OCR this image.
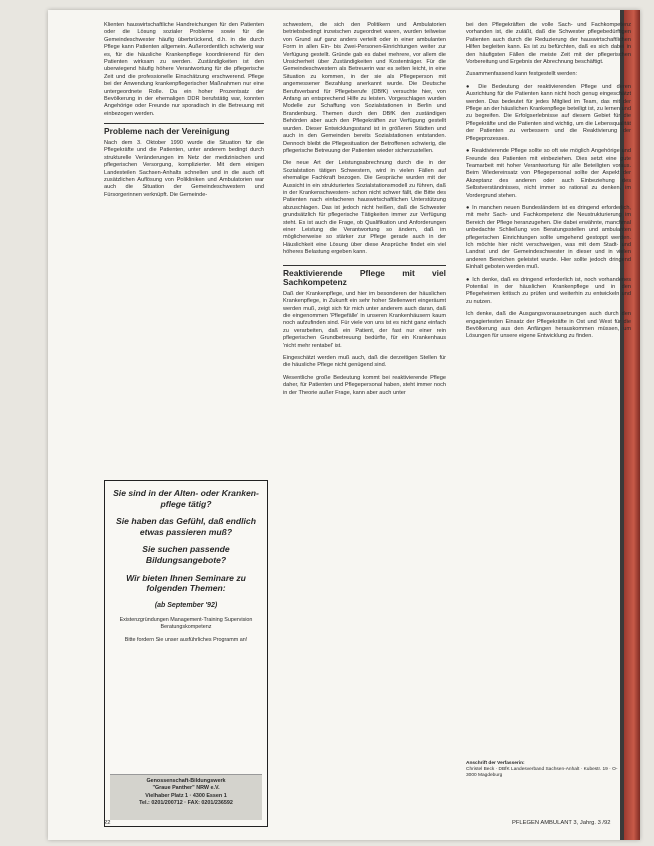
Klienten hauswirtschaftliche Handreichungen für den Patienten oder die Lösung sozialer Probleme sowie für die Gemeindeschwester häufig überbrückend, d.h. in die durch Pflege kann Patienten allgemein. Außerordentlich schwierig war es, für die häusliche Krankenpflege koordinierend für den Patienten wirksam zu werden. Zuständigkeiten ist den uberwiegend häufig höhere Verantwortung für die pflegerische Zeit und die professionelle Einschätzung erschwerend. Pflege bei der Anwendung krankenpflegerischer Maßnahmen nur eine untergeordnete Rolle. Da ein hoher Prozentsatz der Bevölkerung in der ehemaligen DDR berufstätig war, konnten Angehörige oder Freunde nur sporadisch in die Betreuung mit einbezogen werden.

Probleme nach der Vereinigung

Nach dem 3. Oktober 1990 wurde die Situation für die Pflegekräfte und die Patienten, unter anderem bedingt durch strukturelle Veränderungen im Netz der medizinischen und pflegerischen Versorgung, komplizierter. Mit dem einigen Landesteilen Sachsen-Anhalts schnellen und in die auch oft zusätzlichen Auflösung von Polikliniken und Ambulatorien war auch die Situation der Gemeindeschwestern und Fürsorgerinnen verknüpft. Die Gemeinde-

Sie sind in der Alten- oder Krankenpflege tätig?
Sie haben das Gefühl, daß endlich etwas passieren muß?
Sie suchen passende Bildungsangebote?
Wir bieten Ihnen Seminare zu folgenden Themen:
(ab September '92)
Existenzgründungen Management-Training Supervision Beratungskompetenz
Bitte fordern Sie unser ausführliches Programm an!
Genossenschaft-Bildungswerk
"Graue Panther" NRW e.V.
Vielhaber Platz 1 · 4300 Essen 1
Tel.: 0201/200712 · FAX: 0201/236592

schwestern, die sich den Politikern und Ambulatorien betriebsbedingt inzwischen zugeordnet waren, wurden teilweise von Grund auf ganz anders verteilt oder in einer ambulanten Form in allen Ein- bis Zwei-Personen-Einrichtungen weiter zur Verfügung gestellt. Gründe gab es dabei mehrere, vor allem die Unsicherheit über Zuständigkeiten und Kostenträger. Für die Gemeindeschwestern als Betreuerin war es selten leicht, in eine Situation zu kommen, in der sie als Pflegeperson mit angemessener Bezahlung anerkannt wurde. Die Deutsche Berufsverband für Pflegeberufe (DBfK) versuchte hier, von Anfang an entsprechend Hilfe zu leisten. Vorgeschlagen wurden Modelle zur Schaffung von Sozialstationen in Berlin und Brandenburg. Themen durch den DBfK den zuständigen Behörden aber auch den Pflegekräften zur Verfügung gestellt wurden. Dieser Entwicklungsstand ist in größeren Städten und auch in den Gemeinden bereits Sozialstationen entstanden. Dennoch bleibt die Pflegesituation der Betroffenen schwierig, die pflegerische Betreuung der Patienten wieder sicherzustellen.

Die neue Art der Leistungsabrechnung durch die in der Sozialstation tätigen Schwestern, wird in vielen Fällen auf ehemalige Fachkraft bezogen. Die Gespräche wurden mit der Aussicht in ein strukturiertes Sozialstationsmodell zu führen, daß in der Krankenschwestern- schon nicht schwer fällt, die Bitte des Patienten nach einfacheren hauswirtschaftlichen Unterstützung abzuschlagen. Das ist jedoch nicht heißen, daß die Schwester grundsätzlich für pflegerische Tätigkeiten immer zur Verfügung steht. Es ist auch die Frage, ob Qualifikation und Anforderungen einer Leistung die Verantwortung so ändern, daß im möglicherweise so stärker zur Pflege gerade auch in der Häuslichkeit eine Lösung über diese Ansprüche findet ein viel höheres Belastung ergeben kann.

Reaktivierende Pflege mit viel Sachkompetenz

Daß der Krankenpflege, und hier im besonderen der häuslichen Krankenpflege, in Zukunft ein sehr hoher Stellenwert eingeräumt werden muß, zeigt sich für mich unter anderem auch daran, daß die eingenommen 'Pflegefälle' in unseren Krankenhäusern kaum noch aufzufinden sind. Für viele von uns ist es nicht ganz einfach zu verarbeiten, daß ein Patient, der fast nur einer rein pflegerischen Grundbetreuung bedürfte, für ein Krankenhaus 'nicht mehr rentabel' ist.

Eingeschätzt werden muß auch, daß die derzeitigen Stellen für die häusliche Pflege nicht genügend sind.

Wesentliche große Bedeutung kommt bei reaktivierende Pflege daher, für Patienten und Pflegepersonal haben, steht immer noch in der Theorie außer Frage, kann aber auch unter

bei den Pflegekräften die volle Sach- und Fachkompetenz vorhanden ist, die zuläßt, daß die Schwester pflegebedürftigen Patienten auch durch die Reduzierung der hauswirtschaftlichen Hilfen begleiten kann. Es ist zu befürchten, daß es sich dabei in den häufigsten Fällen die meiste Zeit mit der pflegerischen Vorbereitung und Ergebnis der Abrechnung beschäftigt.

Zusammenfassend kann festgestellt werden:

● Die Bedeutung der reaktivierenden Pflege und deren Ausrichtung für die Patienten kann nicht hoch genug eingeschätzt werden. Das bedeutet für jedes Mitglied im Team, das mit der Pflege an der häuslichen Krankenpflege beteiligt ist, zu lernen und zu begreifen. Die Erfolgserlebnisse auf diesem Gebiet für die Pflegekräfte und die Patienten sind wichtig, um die Lebensqualität der Patienten zu verbessern und die Reaktivierung der Pflegeprozesses.

● Reaktivierende Pflege sollte so oft wie möglich Angehörige und Freunde des Patienten mit einbeziehen. Dies setzt eine gute Teamarbeit mit hoher Verantwortung für alle Beteiligten voraus. Beim Wiedereinsatz von Pflegepersonal sollte der Aspekt der Akzeptanz des anderen oder auch Einbeziehung des Selbstverständnisses, nicht immer so rational zu denken, im Vordergrund stehen.

● In manchen neuen Bundesländern ist es dringend erforderlich, mit mehr Sach- und Fachkompetenz die Neustrukturierung im Bereich der Pflege heranzugehen. Die dabei erwähnte, manchmal unbedachte Schließung von Beratungsstellen und ambulanten pflegerischen Einrichtungen sollte umgehend gestoppt werden. Ich möchte hier nicht verschweigen, was mit dem Stadt- und Landrat und der Gemeindeschwester in dieser und in vielen anderen Bereichen geleistet wurde. Hier sollte jedoch dringend Einhalt geboten werden muß.

● Ich denke, daß es dringend erforderlich ist, noch vorhandenes Potential in der häuslichen Krankenpflege und in den Pflegeheimen kritisch zu prüfen und weiterhin zu entwickeln und zu nutzen.

Ich denke, daß die Ausgangsvoraussetzungen auch durch den engagiertesten Einsatz der Pflegekräfte in Ost und West für die Bevölkerung aus den Anfängen herauskommen müssen, um Lösungen für unsere eigene Entwicklung zu finden.

Anschrift der Verfasserin:
Christel Beck · DBfK Landesverband Sachsen-Anhalt · Kubestr. 19 · O-3000 Magdeburg
22	PFLEGEN AMBULANT 3, Jahrg. 3 /92
